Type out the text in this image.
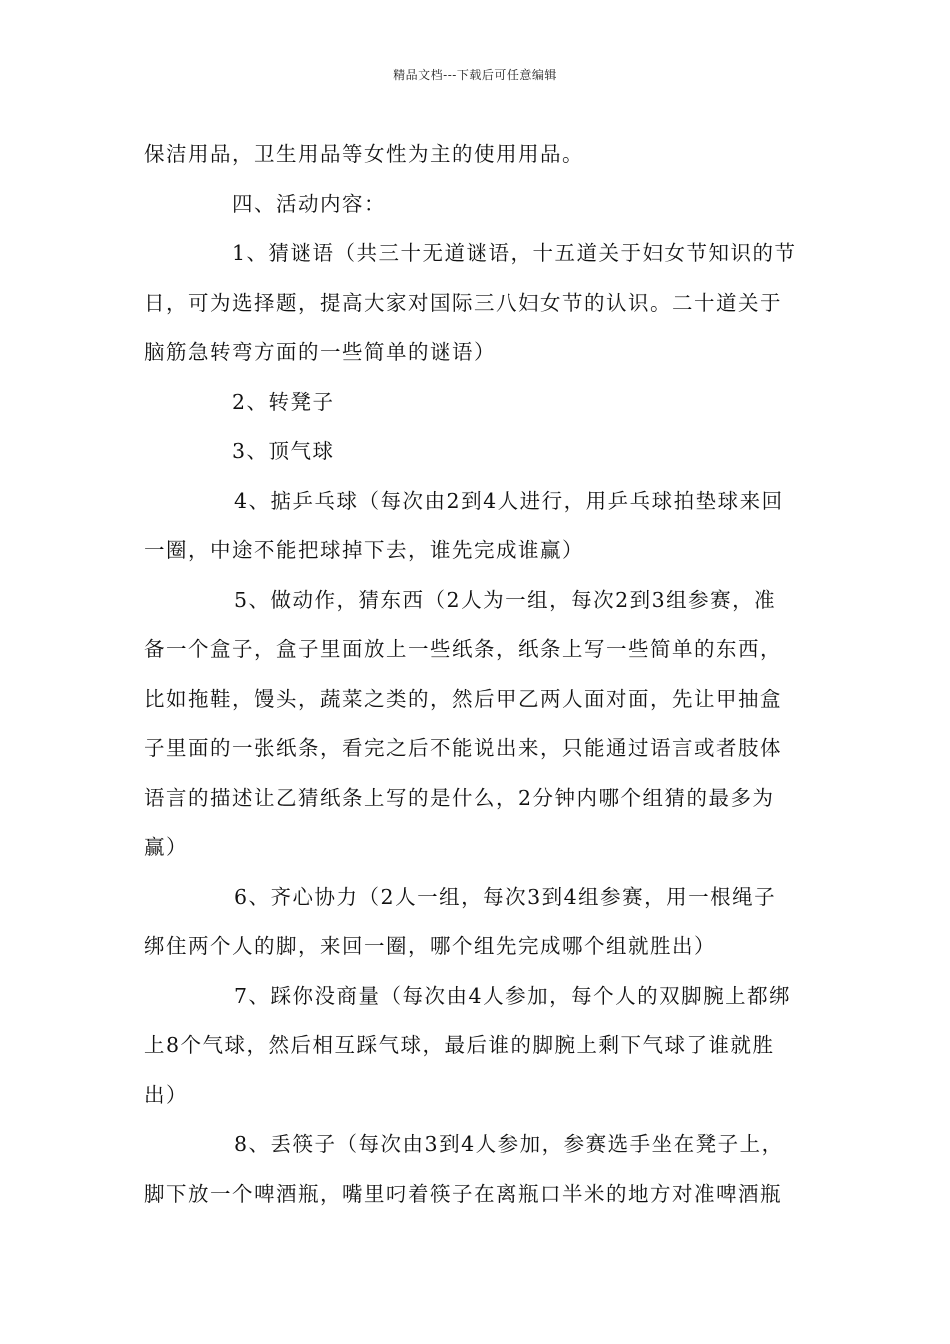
精品文档---下载后可任意编辑
保洁用品，卫生用品等女性为主的使用用品。
四、活动内容：
1、猜谜语（共三十无道谜语，十五道关于妇女节知识的节
日，可为选择题，提高大家对国际三八妇女节的认识。二十道关于
脑筋急转弯方面的一些简单的谜语）
2、转凳子
3、顶气球
4、掂乒乓球（每次由2到4人进行，用乒乓球拍垫球来回
一圈，中途不能把球掉下去，谁先完成谁赢）
5、做动作，猜东西（2人为一组，每次2到3组参赛，准
备一个盒子，盒子里面放上一些纸条，纸条上写一些简单的东西，
比如拖鞋，馒头，蔬菜之类的，然后甲乙两人面对面，先让甲抽盒
子里面的一张纸条，看完之后不能说出来，只能通过语言或者肢体
语言的描述让乙猜纸条上写的是什么，2分钟内哪个组猜的最多为
赢）
6、齐心协力（2人一组，每次3到4组参赛，用一根绳子
绑住两个人的脚，来回一圈，哪个组先完成哪个组就胜出）
7、踩你没商量（每次由4人参加，每个人的双脚腕上都绑
上8个气球，然后相互踩气球，最后谁的脚腕上剩下气球了谁就胜
出）
8、丢筷子（每次由3到4人参加，参赛选手坐在凳子上，
脚下放一个啤酒瓶，嘴里叼着筷子在离瓶口半米的地方对准啤酒瓶
